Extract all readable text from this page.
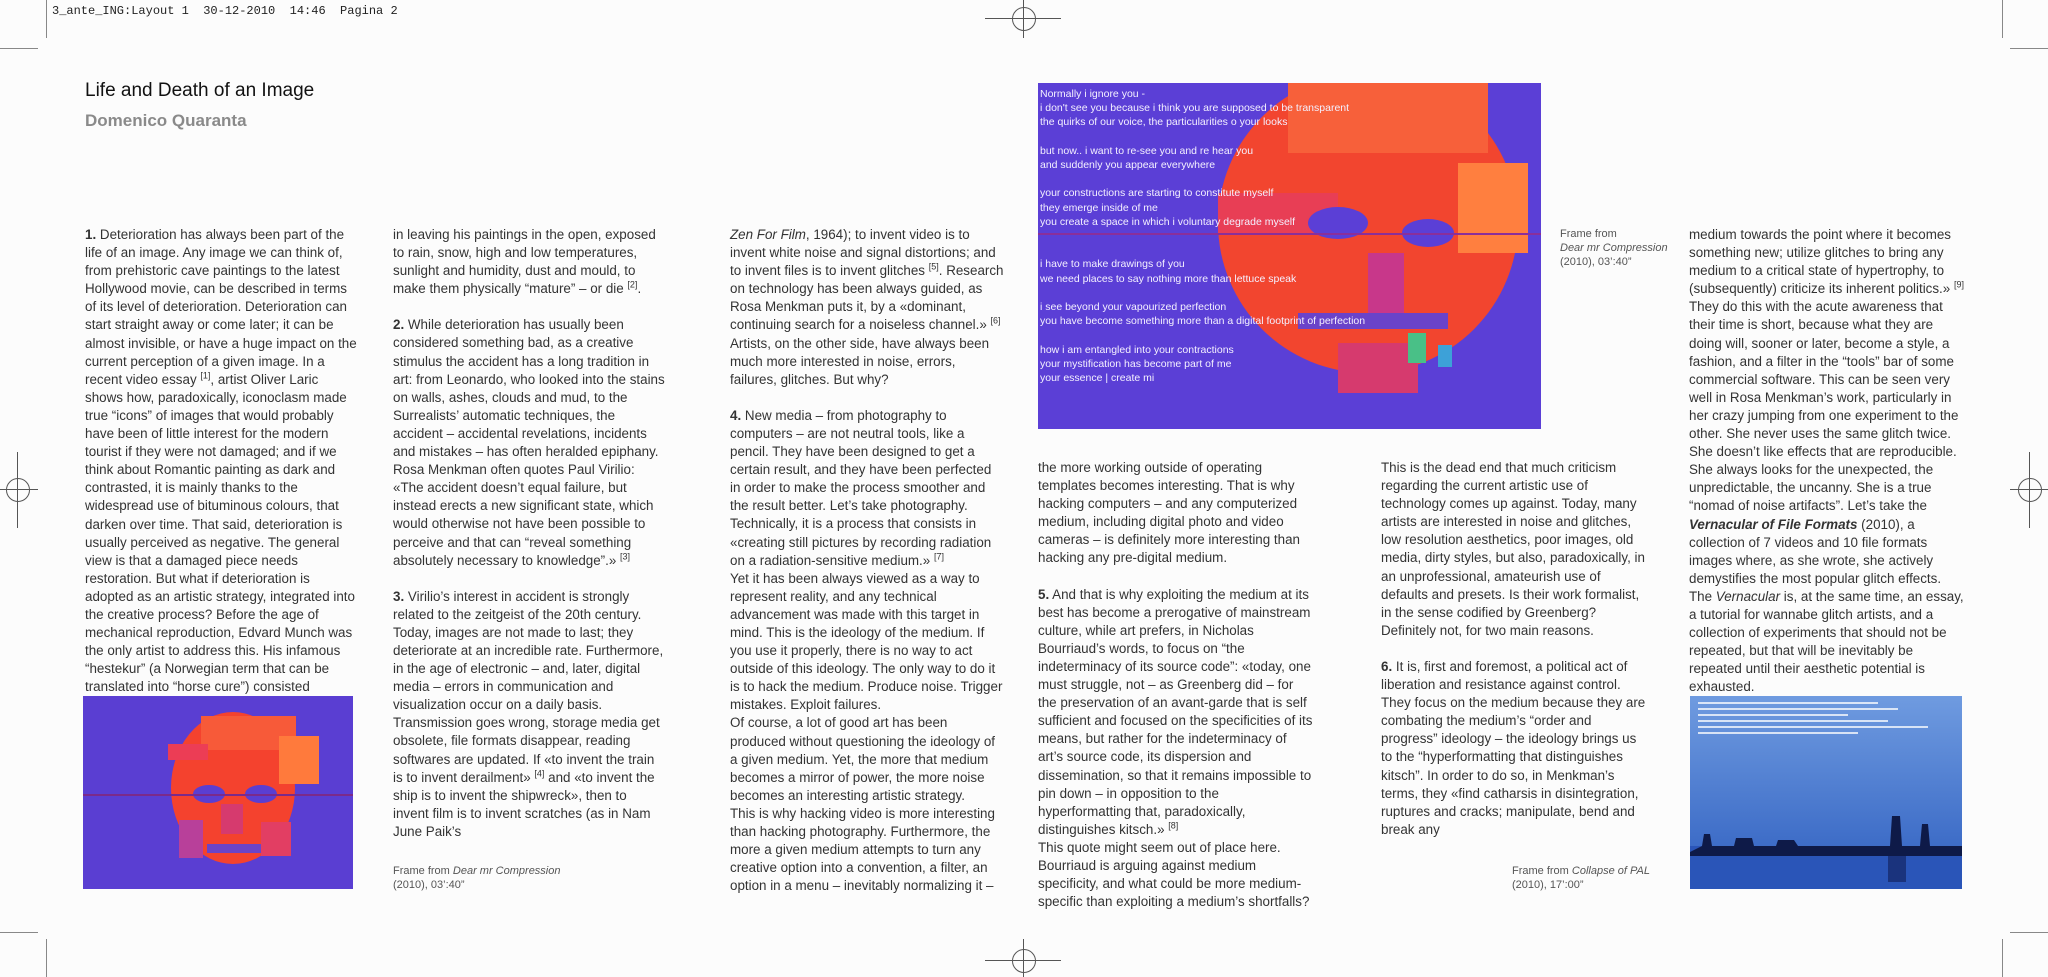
3_ante_ING:Layout 1  30-12-2010  14:46  Pagina 2
Life and Death of an Image
Domenico Quaranta

1. Deterioration has always been part of the life of an image. Any image we can think of, from prehistoric cave paintings to the latest Hollywood movie, can be described in terms of its level of deterioration. Deterioration can start straight away or come later; it can be almost invisible, or have a huge impact on the current perception of a given image. In a recent video essay [1], artist Oliver Laric shows how, paradoxically, iconoclasm made true “icons” of images that would probably have been of little interest for the modern tourist if they were not damaged; and if we think about Romantic painting as dark and contrasted, it is mainly thanks to the widespread use of bituminous colours, that darken over time. That said, deterioration is usually perceived as negative. The general view is that a damaged piece needs restoration. But what if deterioration is adopted as an artistic strategy, integrated into the creative process? Before the age of mechanical reproduction, Edvard Munch was the only artist to address this. His infamous “hestekur” (a Norwegian term that can be translated into “horse cure”) consisted

in leaving his paintings in the open, exposed to rain, snow, high and low temperatures, sunlight and humidity, dust and mould, to make them physically “mature” – or die [2].

2. While deterioration has usually been considered something bad, as a creative stimulus the accident has a long tradition in art: from Leonardo, who looked into the stains on walls, ashes, clouds and mud, to the Surrealists’ automatic techniques, the accident – accidental revelations, incidents and mistakes – has often heralded epiphany. Rosa Menkman often quotes Paul Virilio: «The accident doesn’t equal failure, but instead erects a new significant state, which would otherwise not have been possible to perceive and that can “reveal something absolutely necessary to knowledge”.» [3]

3. Virilio’s interest in accident is strongly related to the zeitgeist of the 20th century. Today, images are not made to last; they deteriorate at an incredible rate. Furthermore, in the age of electronic – and, later, digital media – errors in communication and visualization occur on a daily basis. Transmission goes wrong, storage media get obsolete, file formats disappear, reading softwares are updated. If «to invent the train is to invent derailment» [4] and «to invent the ship is to invent the shipwreck», then to invent film is to invent scratches (as in Nam June Paik’s

Zen For Film, 1964); to invent video is to invent white noise and signal distortions; and to invent files is to invent glitches [5]. Research on technology has been always guided, as Rosa Menkman puts it, by a «dominant, continuing search for a noiseless channel.» [6] Artists, on the other side, have always been much more interested in noise, errors, failures, glitches. But why?

4. New media – from photography to computers – are not neutral tools, like a pencil. They have been designed to get a certain result, and they have been perfected in order to make the process smoother and the result better. Let’s take photography. Technically, it is a process that consists in «creating still pictures by recording radiation on a radiation-sensitive medium.» [7]

Yet it has been always viewed as a way to represent reality, and any technical advancement was made with this target in mind. This is the ideology of the medium. If you use it properly, there is no way to act outside of this ideology. The only way to do it is to hack the medium. Produce noise. Trigger mistakes. Exploit failures.

Of course, a lot of good art has been produced without questioning the ideology of a given medium. Yet, the more that medium becomes a mirror of power, the more noise becomes an interesting artistic strategy.

This is why hacking video is more interesting than hacking photography. Furthermore, the more a given medium attempts to turn any creative option into a convention, a filter, an option in a menu – inevitably normalizing it –

the more working outside of operating templates becomes interesting. That is why hacking computers – and any computerized medium, including digital photo and video cameras – is definitely more interesting than hacking any pre-digital medium.

5. And that is why exploiting the medium at its best has become a prerogative of mainstream culture, while art prefers, in Nicholas Bourriaud’s words, to focus on “the indeterminacy of its source code”: «today, one must struggle, not – as Greenberg did – for the preservation of an avant-garde that is self sufficient and focused on the specificities of its means, but rather for the indeterminacy of art’s source code, its dispersion and dissemination, so that it remains impossible to pin down – in opposition to the hyperformatting that, paradoxically, distinguishes kitsch.» [8]

This quote might seem out of place here. Bourriaud is arguing against medium specificity, and what could be more medium-specific than exploiting a medium’s shortfalls?

This is the dead end that much criticism regarding the current artistic use of technology comes up against. Today, many artists are interested in noise and glitches, low resolution aesthetics, poor images, old media, dirty styles, but also, paradoxically, in an unprofessional, amateurish use of defaults and presets. Is their work formalist, in the sense codified by Greenberg? Definitely not, for two main reasons.

6. It is, first and foremost, a political act of liberation and resistance against control. They focus on the medium because they are combating the medium’s “order and progress” ideology – the ideology brings us to the “hyperformatting that distinguishes kitsch”. In order to do so, in Menkman’s terms, they «find catharsis in disintegration, ruptures and cracks; manipulate, bend and break any

medium towards the point where it becomes something new; utilize glitches to bring any medium to a critical state of hypertrophy, to (subsequently) criticize its inherent politics.» [9] They do this with the acute awareness that their time is short, because what they are doing will, sooner or later, become a style, a fashion, and a filter in the “tools” bar of some commercial software. This can be seen very well in Rosa Menkman’s work, particularly in her crazy jumping from one experiment to the other. She never uses the same glitch twice. She doesn’t like effects that are reproducible. She always looks for the unexpected, the unpredictable, the uncanny. She is a true “nomad of noise artifacts”. Let’s take the Vernacular of File Formats (2010), a collection of 7 videos and 10 file formats images where, as she wrote, she actively demystifies the most popular glitch effects. The Vernacular is, at the same time, an essay, a tutorial for wannabe glitch artists, and a collection of experiments that should not be repeated, but that will be inevitably be repeated until their aesthetic potential is exhausted.

Normally i ignore you -
i don't see you because i think you are supposed to be transparent
the quirks of our voice, the particularities o your looks

but now.. i want to re-see you and re hear you
and suddenly you appear everywhere

your constructions are starting to constitute myself
they emerge inside of me
you create a space in which i voluntary degrade myself

i have to make drawings of you
we need places to say nothing more than lettuce speak

i see beyond your vapourized perfection
you have become something more than a digital footprint of perfection

how i am entangled into your contractions
your mystification has become part of me
your essence | create mi
Frame from Dear mr Compression
(2010), 03’:40”
Frame from
Dear mr Compression
(2010), 03’:40”
Frame from Collapse of PAL
(2010), 17’:00”
